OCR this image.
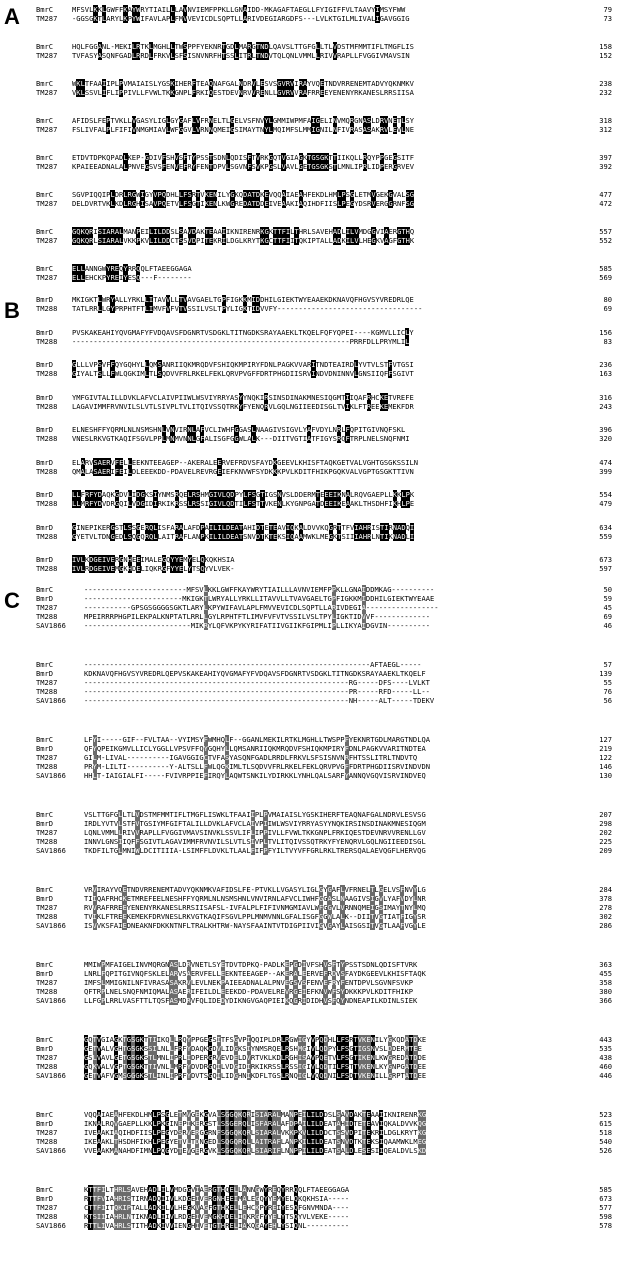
A BmrC	MFSVLKKLGWFFKAYWRYTIAILLLAVNVIEMFPPKLLGNAIDD-MKAGAFTAEGLLFYIGIFFVLTAAVYIMSYFWW	79
TM287 -GGSGKTLARYLKPYWIFAVLAPLFMVVEVICDLSQPTLLARIVDEGIARGDFS---LVLKTGILMLIVALIGAVGGIG	73
BmrC	HQLFGGANL-MEKILRTKLMGHLLTWSPPFYEKNRTGDLMARGTNDLQAVSLTTGFGLLTLVDSTMFMMTIFLTMGFLIS	158
TM287 TVFASYASQNFGADLRRDLFRKVLSFSISNVNRFHTSSLITRLTNDVTQLQNLVMMLLRIVVRAPLLFVGGIVMAVSIN	152
BmrC	WKLTFAAIIPLPVMAIAISLYGSKIHERFTEAQNAFGALNDRVLESVSGVRVIRAYVQETNDVRRENEMTADVYQKNMKV	238
TM287 VKLSSVLIFLIPPIVLLFVWLTKKGNPLFRKIQESTDEVNRVVRENLLGVRVVRAFRREEYENENYRKANESLRRSIISA	232
BmrC	AFIDSLFEPTVKLLVGASYLIGLGYGAFLVFRNELTLGELVSFNVYLGMMIWPMFAIGELINVMQRGNASLDRVNETLSY	318
TM287 FSLIVFALPLFIFIVNMGMIAVLWFGGVLVRNNQMEIGSIMAYTNYLMQIMFSLMMIGNILNFIVRASASAKRVLEVLNE	312
BmrC	ETDVTDPKQPADLKEP-GDIVFSHVSFTYPSSTSDNLQDISFTVRKGQTVGIAGKTGSGKTTIIKQLLRQYPPGEGSITF	397
TM287 KPAIEEADNALALPNVEGSVSFENVEFRYFENTDPVLSGVNFSVKPGSLVAVLGETGSGKSTLMNLIPRLIDPERGRVEV	392
BmrC	SGVPIQQIPLDRLRGWIGYVPQDHLLFSRTVKENILYGKQDATDKEVQQAIAEAHFEKDLHMLPSGLETMVGEKGVALSG	477
TM287 DELDVRTVKLKDLRGHISAVPQETVLFSGTIKENLKWGREDATDDEIVEAAKIAQIHDFIISLPEGYDSRVERGGRNFSG	472
BmrC	GQKQRISIARALMANPEILILDDSLSAVDAKTEAAIIKNIRENRKGKTTFILTHRLSAVEHADLILVMDGGVIAERGTHQ	557
TM287 GQKQRLSIARALVKKPKVLILDDCTSSVDPITEKRILDGLKRYTKGCTTFIITQKIPTALLADKILVLHEGKVAGFGTHK	552
BmrC	ELLANNGWYREQYRRQQLFTAEEGGAGA	585
TM287 ELLEHCKPYREIYESQ---F--------	569
B BmrD	MKIGKTLWRYALLYRKLLITAVVLLTVAVGAELTGPFIGKKMIDDHILGIEKTWYEAAEKDKNAVQFHGVSYVREDRLQE	80
TM288 TATLRRLLGYPRPHTFTLIMVFVFVTVSSILVSLTPYLIGKTIDVVFY----------------------------------	69
BmrD	PVSKAKEAHIYQVGMAFYFVDQAVSFDGNRTVSDGKLTITNGDKSRAYAAEKLTKQELFQFYQPEI----KGMVLLICLY	156
TM288 -----------------------------------------------------------------PRRFDLLPRYMLIL	83
BmrD	GLLLVPSVFFQYGQHYLLQMSANRIIQKMRQDVFSHIQKMPIRYFDNLPAGKVVARITNDTEAIRDLYVTVLSTFVTGSI	236
TM288 GIYALTSLLFWLQGKIMLTLSQDVVFRLRKELFEKLQRVPVGFFDRTPHGDIISRVINDVDNINNVLGNSIIQFFSGIVT	163
BmrD	YMFGIVTALILLDVKLAFVCLAIVPIIWLWSVIYRRYASYYNQKIRSINSDINAKMNESIQGMTIIQAFRHCKETVREFE	316
TM288 LAGAVIMMFRVNVILSLVTLSIVPLTVLITQIVSSQTRKYFYENQRVLGQLNGIIEEDISGLTVIKLFTREEKEMEKFDR	243
BmrD	ELNESHFFYQRMLNLNSMSHNLVNVIRNLAFVCLIWHFGGASLNAAGIVSIGVLYAFVDYLNRLFQPITGIVNQFSKL	396
TM288 VNESLRKVGTKAQIFSGVLPPLMNMVNNLGFALISGFGGWLALK---DIITVGTIATFIGYSRQFTRPLNELSNQFNMI	320
BmrD	ELARVSAERVFELLEEKNTEEAGEP--AKERALEERVEFRDVSFAYDKGEEVLKHISFTAQKGETVALVGHTGSGKSSILN	474
TM288 QMALASAERIFEILDLEEEKDD-PDAVELREVRGEIEFKNVWFSYDKKKPVLKDITFHIKPGQKVALVGPTGSGKTTIVN	399
BmrD	LLFRFYDAQKGDVLIDGKSIYNMSRQELRSHMGIVLQDPYLFSGTIGSNVSLDDERMTEEEIKNALRQVGAEPLLKKLPK	554
TM288 LLMRFYDVDRGQILVDGIDIRKIKRSSLRSSIGIVLQDTILFSTTVKENLKYGNPGATDEEIKEAAKLTHSDHFIKHLPE	479
BmrD	GINEPIKERGSTLSSGERQLISFARALAFDPAILILDEATAHIDTETEAVIQKALDVVKQGRTTFVIAHRISTIRNADQI	634
TM288 GYETVLTDNGEDLSQGQRQLLAITRAFLANPKILILDEATSNVDTKTEKSIQAAMWKLMEGKTSIIIAHRLNTIKNADLI	559
BmrD	IVLKDGEIVERGNHEEIMALEGQYYEMYELQKQKHSIA	673
TM288 IVLRDGEIVEMGKHDELIQKRGFYYELYTSQYVLVEK-	597
C BmrC	------------------------MFSVLKKLGWFFKAYWRYTIAILLLAVNVIEMFPPKLLGNAIDDMKAG----------	50
BmrD	-----------------------MKIGKTLWRYALLYRKLLITAVVLLTVAVGAELTGPFIGKKMIDDHILGIEKTWYEAAE	59
TM287	-----------GPSGSGGGGSGKTLARYLKPYWIFAVLAPLFMVVEVICDLSQPTLLARIVDEGIA-----------------	45
TM288	MPEIRRRPHGPILEKPALKNPTATLRRLLGYLRPHTFTLIMVFVFVTVSSILVSLTPYLIGKTIDVVF-------------	69
SAV1866	-------------------------MIKRYLQFVKPYKYRIFATIIVGIIKFGIPMLIPLLIKYAIDGVIN----------	46
BmrC	-------------------------------------------------------------------AFTAEGL-----	57
BmrD	KDKNAVQFHGVSYVREDRLQEPVSKAKEAHIYQVGMAFYFVDQAVSFDGNRTVSDGKLTITNGDKSRAYAAEKLTKQELF	139
TM287	--------------------------------------------------------------RG-----DFS----LVLKT	55
TM288	--------------------------------------------------------------PR-----RFD-----LL--	76
SAV1866	--------------------------------------------------------------NH-----ALT-----TDEKV	56
BmrC	LFYI-----GIF--FVLTAA--VYIMSYFWMHQLF--GGANLMEKILRTKLMGHLLTWSPPFYEKNRTGDLMARGTNDLQA	127
BmrD	QFYQPEIKGMVLLICLYGGLLVPSVFFQYGQHYLLQMSANRIIQKMRQDVFSHIQKMPIRYFDNLPAGKVVARITNDTEA	219
TM287	GILM-LIVAL----------IGAVGGIGCTVFASYASQNFGADLRRDLFRKVLSFSISNVNRFHTSSLITRLTNDVTQ	122
TM288	PRYM-LILTI----------Y-ALTSLLFWLQGKIMLTLSQDVVFRLRKELFEKLQRVPVGFFDRTPHGDIISRVINDVDN	146
SAV1866	HHLT-IAIGIALFI-----FVIVRPPIEFIRQYLAQWTSNKILYDIRKKLYNHLQALSARFYANNQVGQVISRVINDVEQ	130
BmrC	VSLTTGFGLLTLVDSTMFMMTIFLTMGFLISWKLTFAAIIPLPVMAIAISLYGSKIHERFTEAQNAFGALNDRVLESVSG	207
BmrD	IRDLYVTVLSTFVTGSIYMFGIFTALILLDVKLAFVCLAIVPIIWLWSVIYRRYASYYNQKIRSINSDINAKMNESIQGM	298
TM287	LQNLVMMLLRIVVRAPLLFVGGIVMAVSINVKLSSVLIFLIPPIVLLFVWLTKKGNPLFRKIQESTDEVNRVVRENLLGV	202
TM288	INNVLGNSIIQFFSGIVTLAGAVIMMFRVNVILSLVTLSIVPLTVLITQIVSSQTRKYFYENQRVLGQLNGIIEEDISGL	225
SAV1866	TKDFILTGLMNIWLDCITIIIA-LSIMFFLDVKLTLAALFIFPFYILTVYVFFGRLRKLTRERSQALAEVQGFLHERVQG	209
BmrC	VRVIRAYVQETNDVRRENEMTADVYQKNMKVAFIDSLFE-PTVKLLVGASYLIGLGYGAFLVFRNELTLGELVSFNVYLG	284
BmrD	TIIQAFRHCKETMREFEELNESHFFYQRMLNLNSMSHNLVNVIRNLAFVCLIWHFGGASLNAAGIVSIGVLYAFVDYLNR	378
TM287	RVVRAFRREEYENENYRKANESLRRSIISAFSL-IVFALPLFIFIVNMGMIAVLWFGGVLVRNNQMEIGSIMAYTNYLMQ	278
TM288	TVIKLFTREEKEMEKFDRVNESLRKVGTKAQIFSGVLPPLMNMVNNLGFALISGFGGWLALK--DIITVGTIATFIGYSR	302
SAV1866	ISVVKSFAIEDNEAKNFDKKNTNFLTRALKHTRW-NAYSFAAINTVTDIGPIIVIGVGAYLAISGSITVGTLAAFVGYLE	286
BmrC	MMIWPMFAIGELINVMQRGNASLDRVNETLSYETDVTDPKQ-PADLKEPGDIVFSHVSFTYPSSTSDNLQDISFTVRK	363
BmrD	LNRLFQPITGIVNQFSKLELARVSAERVFELLEEKNTEEAGEP--AKERALEERVEFRDVSFAYDKGEEVLKHISFTAQK	455
TM287	IMFSLMMIGNILNFIVRASASAKRVLEVLNEKPAIEEADNALALPNVEGSVSFENVEFRYFENTDPVLSGVNFSVKP	358
TM288	QFTRPLNELSNQFNMIQMALASAERIFEILDLEEEKDD-PDAVELREVRGEIEFKNVWFSYDKKKPVLKDITFHIKP	380
SAV1866	LLFGPLRRLVASFTTLTQSFASMDRVFQLIDEDYDIKNGVGAQPIEIKQGRIDIDHVSFQYNDNEAPILKDINLSIEK	366
BmrC	GQTVGIAGKTGSGKTTIIKQLLRQYPPGEGSITFSGVPIQQIPLDRLRGWIGYVPQDHLLFSRTVKENILYGKQDATDKE	443
BmrD	GETVALVGHTGSGKSSILNLLFRFYDAQKGDVLIDGKSIYNMSRQELRSHMGIVLQDPYLFSGTIGSNVSLDDERMTEE	535
TM287	GSLVAVLGETGSGKSTLMNLIPRLIDPERGRVEVDELDVRTVKLKDLRGHISAVPQETVLFSGTIKENLKWGREDATDDE	438
TM288	GQKVALVGPTGSGKTTIVNLLMRFYDVDRGQILVDGIDIRKIKRSSLRSSIGIVLQDTILFSTTVKENLKYGNPGATDEE	460
SAV1866	GETVAFVGMSGGGKSTLINLIPRFYDVTSGQILIDGHNIKDFLTGSLRNQIGLVQQDNILFSDTVKENILLGRPTATDEE	446
BmrC	VQQAIAEAHFEKDLHMLPSGLETMVGEKGVALSGGQKQRISIARALMANPEILILDDSLSAVDAKTEAAIIKNIRENRKG	523
BmrD	IKNALRQVGAEPLLKKLPKGINEPIKERGSTLSSGERQLISFARALAFDPAILILDEATAHIDTETEAVIQKALDVVKQG	615
TM287	IVEAAKIAQIHDFIISLPEGYDSRVERGGRNFSGGQKQRLSIARALVKKPKVLILDDCTSSVDPITEKRILDGLKRYTKG	518
TM288	IKEAAKLTHSDHFIKHLPEGYETVLTDNGEDLSQGQRQLLAITRAFLANPKILILDEATSNVDTKTEKSIQAAMWKLMEG	540
SAV1866	VVEAAKMANAHDFIMNLPQGYDTEVGERGVKLSGGQKQRLSIARIFLNNPPILILDEATSALDLESESIIQEALDVLSKD	526
BmrC	KTTFILTHRLSAVEHADLILVMDGGVIAERGTHQELLANNGWYREQYRRQQLFTAEEGGAGA	585
BmrD	RTTFVIAHRISTIRNADQIIVLKDGEIVERGNHEEIMALEGQYYEMYELQKQKHSIA-----	673
TM287	CTTFIITQKIPTALLADKILVLHEGKVAGFGTHKELLEHCKPYREIYESQFGNVMNDA----	577
TM288	KTSIIIAHRLNTIKNADLIIVLRDGEIVEMGKHDELIQKRGFYYELYTSQYVLVEKE-----	598
SAV1866	RTTLIVAHRLSTITHADKIVVIENGHIVETGTHRELIAKQGAYEHLYSIQNL----------	578
